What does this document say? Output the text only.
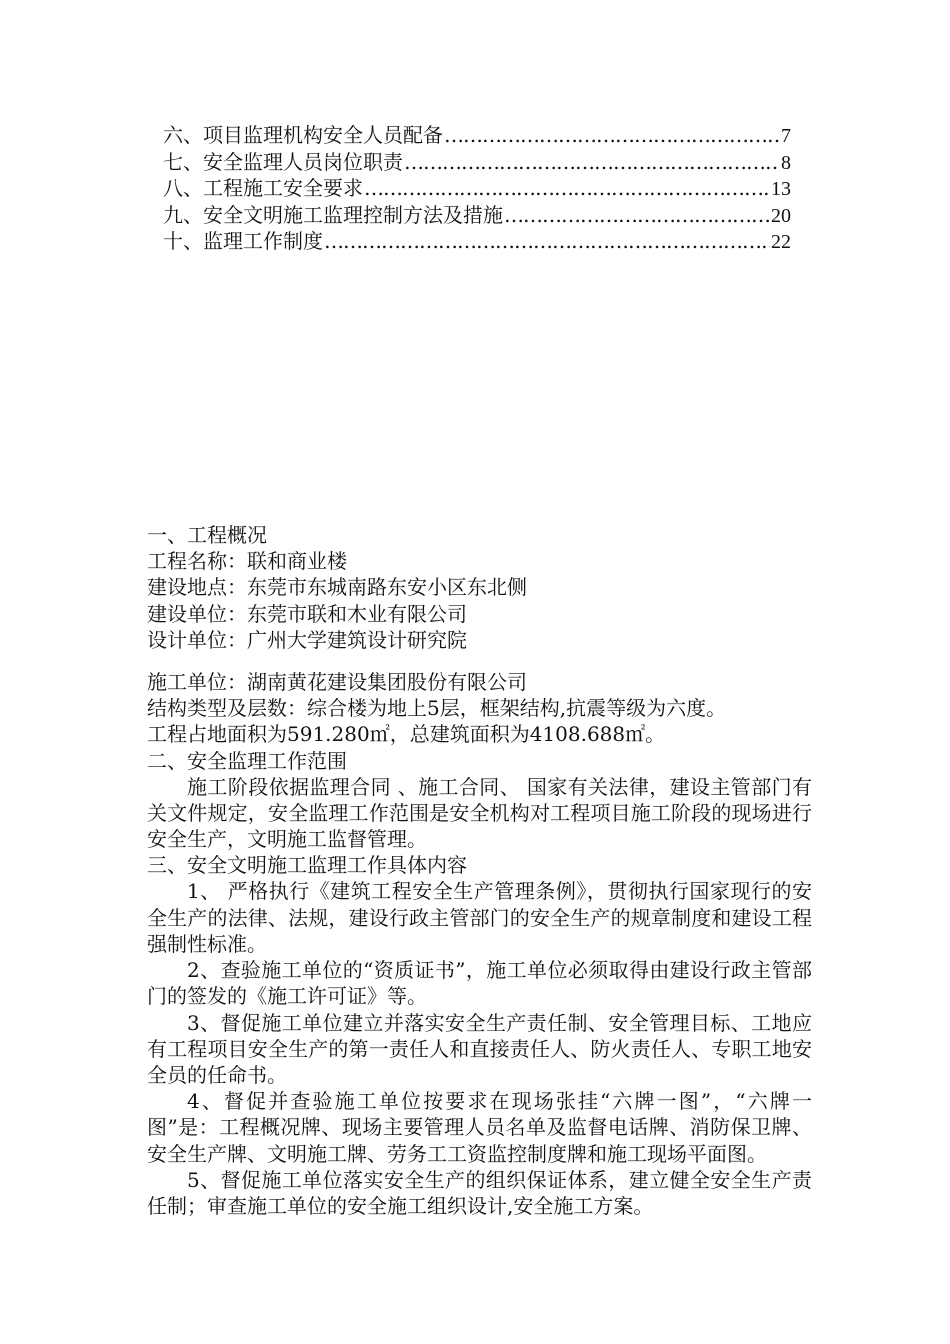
六、项目监理机构安全人员配备 ……………………………………………………………………………………………………………………………………	7
七、安全监理人员岗位职责 ……………………………………………………………………………………………………………………………………	8
八、工程施工安全要求 ……………………………………………………………………………………………………………………………………	13
九、安全文明施工监理控制方法及措施 ……………………………………………………………………………………………………………………………………	20
十、监理工作制度 ……………………………………………………………………………………………………………………………………	22
一、工程概况
工程名称：联和商业楼
建设地点：东莞市东城南路东安小区东北侧
建设单位：东莞市联和木业有限公司
设计单位：广州大学建筑设计研究院
施工单位：湖南黄花建设集团股份有限公司
结构类型及层数：综合楼为地上5层，框架结构,抗震等级为六度。
工程占地面积为591.280㎡，总建筑面积为4108.688㎡。
二、安全监理工作范围
施工阶段依据监理合同 、施工合同、 国家有关法律，建设主管部门有关文件规定，安全监理工作范围是安全机构对工程项目施工阶段的现场进行安全生产，文明施工监督管理。
三、安全文明施工监理工作具体内容
1、 严格执行《建筑工程安全生产管理条例》，贯彻执行国家现行的安全生产的法律、法规，建设行政主管部门的安全生产的规章制度和建设工程强制性标准。
2、查验施工单位的“资质证书”，施工单位必须取得由建设行政主管部门的签发的《施工许可证》等。
3、督促施工单位建立并落实安全生产责任制、安全管理目标、工地应有工程项目安全生产的第一责任人和直接责任人、防火责任人、专职工地安全员的任命书。
4、督促并查验施工单位按要求在现场张挂“六牌一图”，“六牌一图”是：工程概况牌、现场主要管理人员名单及监督电话牌、消防保卫牌、安全生产牌、文明施工牌、劳务工工资监控制度牌和施工现场平面图。
5、督促施工单位落实安全生产的组织保证体系，建立健全安全生产责任制；审查施工单位的安全施工组织设计,安全施工方案。
